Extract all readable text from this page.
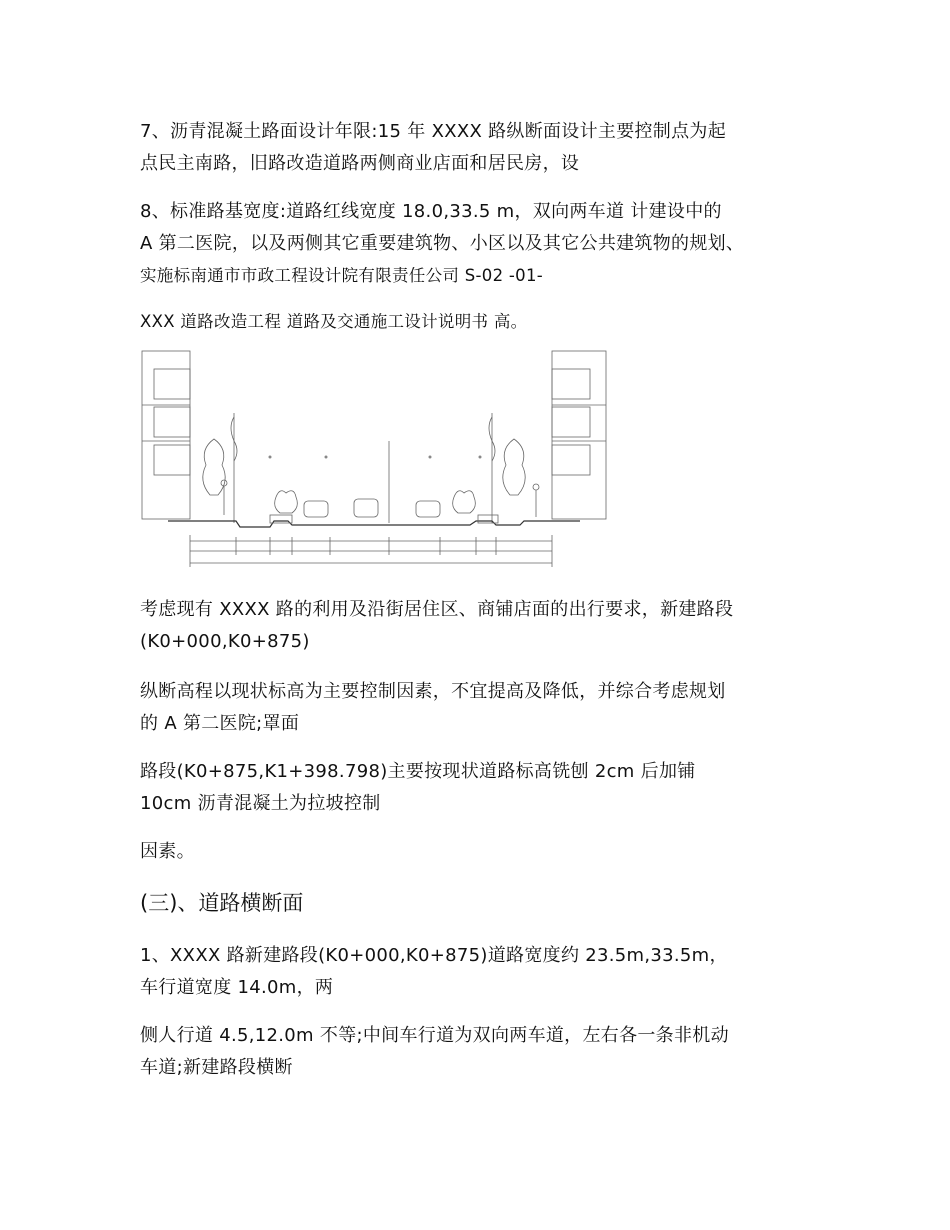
7、沥青混凝土路面设计年限:15 年 XXXX 路纵断面设计主要控制点为起
点民主南路，旧路改造道路两侧商业店面和居民房，设

8、标准路基宽度:道路红线宽度 18.0,33.5 m，双向两车道 计建设中的
A 第二医院，以及两侧其它重要建筑物、小区以及其它公共建筑物的规划、
实施标南通市市政工程设计院有限责任公司 S-02 -01-

XXX 道路改造工程 道路及交通施工设计说明书 高。

考虑现有 XXXX 路的利用及沿街居住区、商铺店面的出行要求，新建路段
(K0+000,K0+875)

纵断高程以现状标高为主要控制因素，不宜提高及降低，并综合考虑规划
的 A 第二医院;罩面

路段(K0+875,K1+398.798)主要按现状道路标高铣刨 2cm 后加铺
10cm 沥青混凝土为拉坡控制

因素。

(三)、道路横断面

1、XXXX 路新建路段(K0+000,K0+875)道路宽度约 23.5m,33.5m，
车行道宽度 14.0m，两

侧人行道 4.5,12.0m 不等;中间车行道为双向两车道，左右各一条非机动
车道;新建路段横断
